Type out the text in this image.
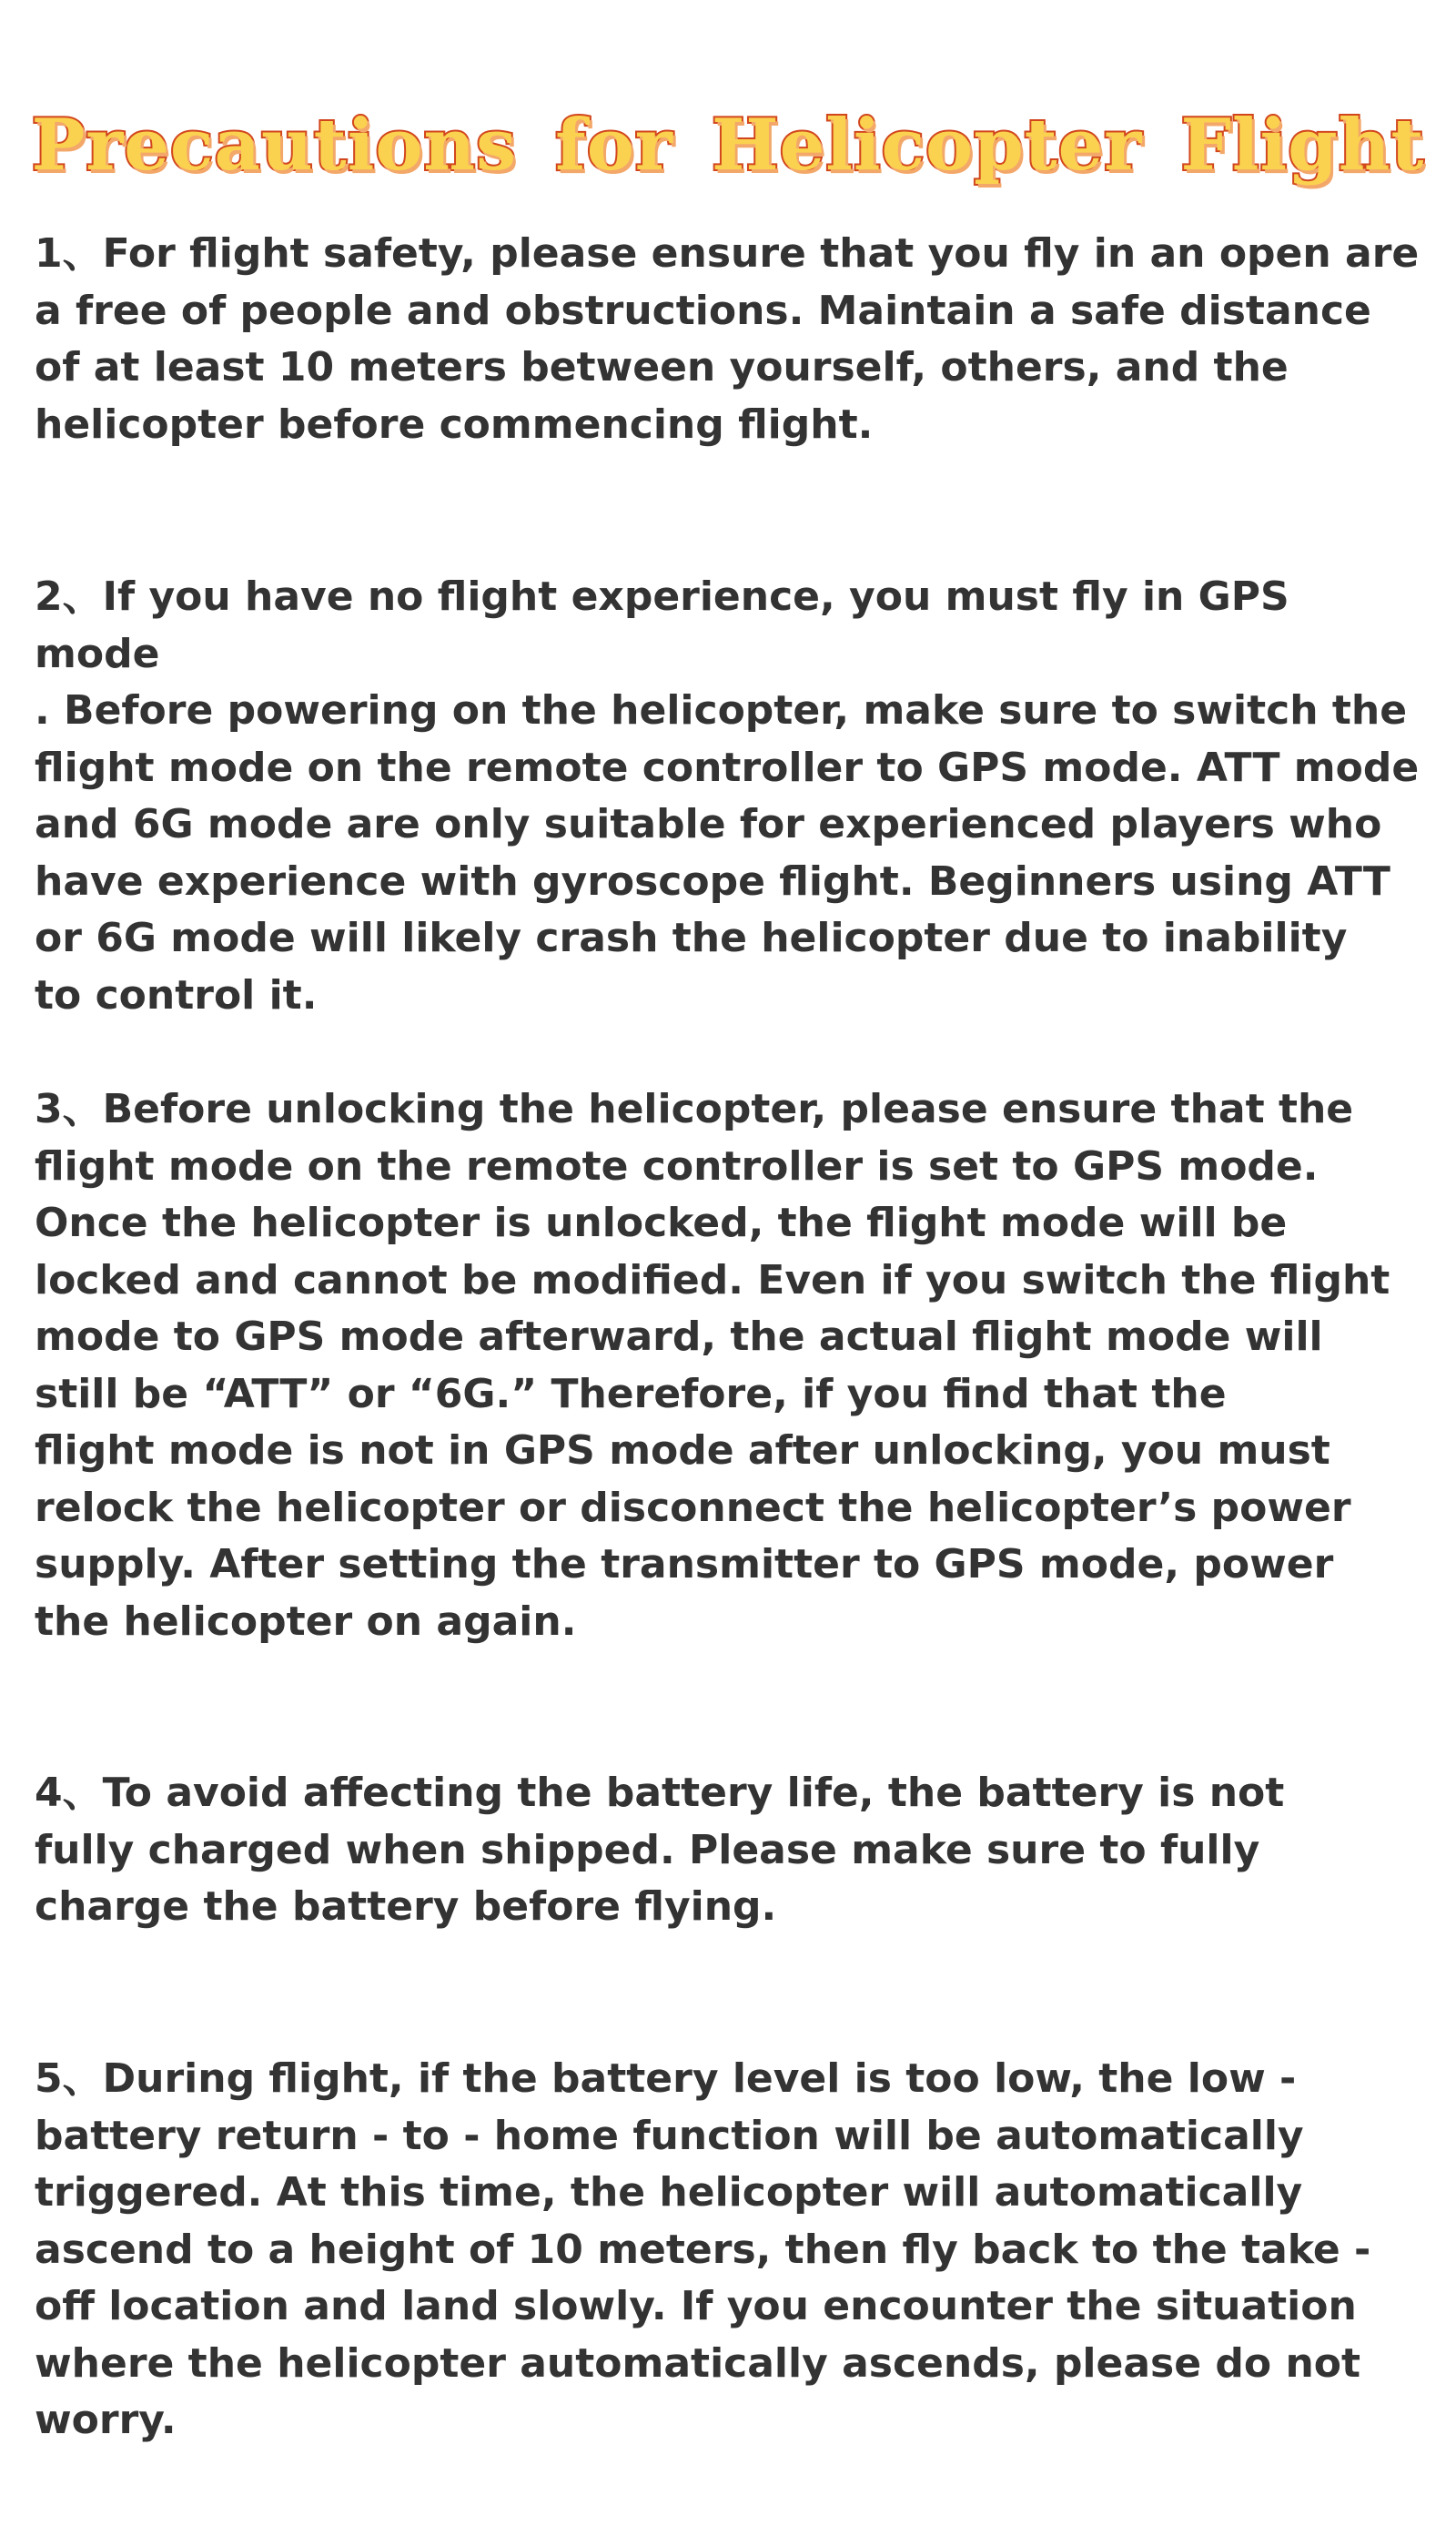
Precautions for Helicopter Flight

1、For flight safety, please ensure that you fly in an open are
a free of people and obstructions. Maintain a safe distance
of at least 10 meters between yourself, others, and the
helicopter before commencing flight.

2、If you have no flight experience, you must fly in GPS mode
. Before powering on the helicopter, make sure to switch the
flight mode on the remote controller to GPS mode. ATT mode
and 6G mode are only suitable for experienced players who
have experience with gyroscope flight. Beginners using ATT
or 6G mode will likely crash the helicopter due to inability
to control it.

3、Before unlocking the helicopter, please ensure that the
flight mode on the remote controller is set to GPS mode.
Once the helicopter is unlocked, the flight mode will be
locked and cannot be modified. Even if you switch the flight
mode to GPS mode afterward, the actual flight mode will
still be “ATT” or “6G.” Therefore, if you find that the
flight mode is not in GPS mode after unlocking, you must
relock the helicopter or disconnect the helicopter’s power
supply. After setting the transmitter to GPS mode, power
the helicopter on again.

4、To avoid affecting the battery life, the battery is not
fully charged when shipped. Please make sure to fully
charge the battery before flying.

5、During flight, if the battery level is too low, the low -
battery return - to - home function will be automatically
triggered. At this time, the helicopter will automatically
ascend to a height of 10 meters, then fly back to the take -
off location and land slowly. If you encounter the situation
where the helicopter automatically ascends, please do not
worry.
